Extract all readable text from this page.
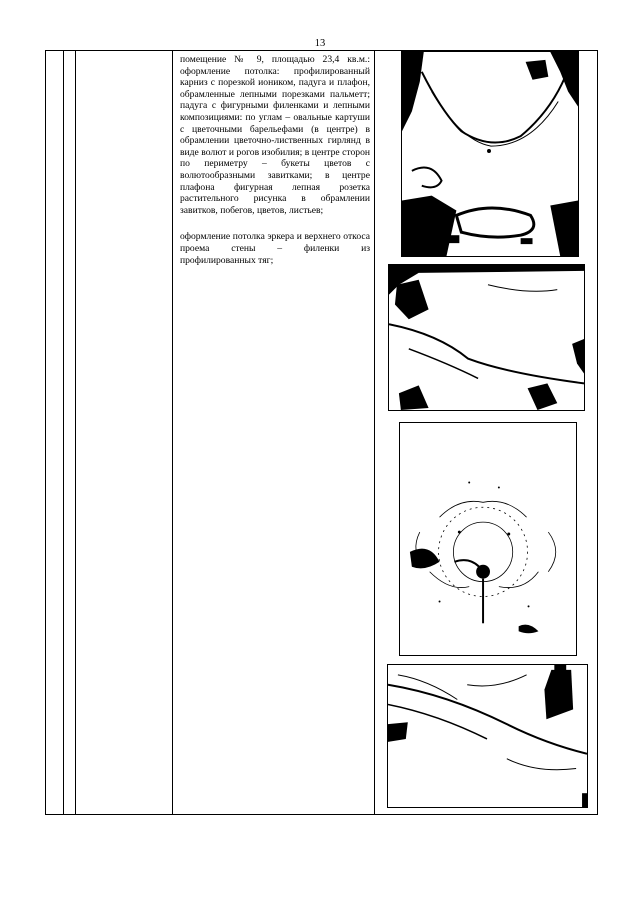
13

помещение № 9, площадью 23,4 кв.м.: оформление потолка: профилированный карниз с порезкой иоником, падуга и плафон, обрамленные лепными порезками пальметт; падуга с фигурными филенками и лепными композициями: по углам – овальные картуши с цветочными барельефами (в центре) в обрамлении цветочно-лиственных гирлянд в виде волют и рогов изобилия; в центре сторон по периметру – букеты цветов с волютообразными завитками; в центре плафона фигурная лепная розетка растительного рисунка в обрамлении завитков, побегов, цветов, листьев;

оформление потолка эркера и верхнего откоса проема стены – филенки из профилированных тяг;
